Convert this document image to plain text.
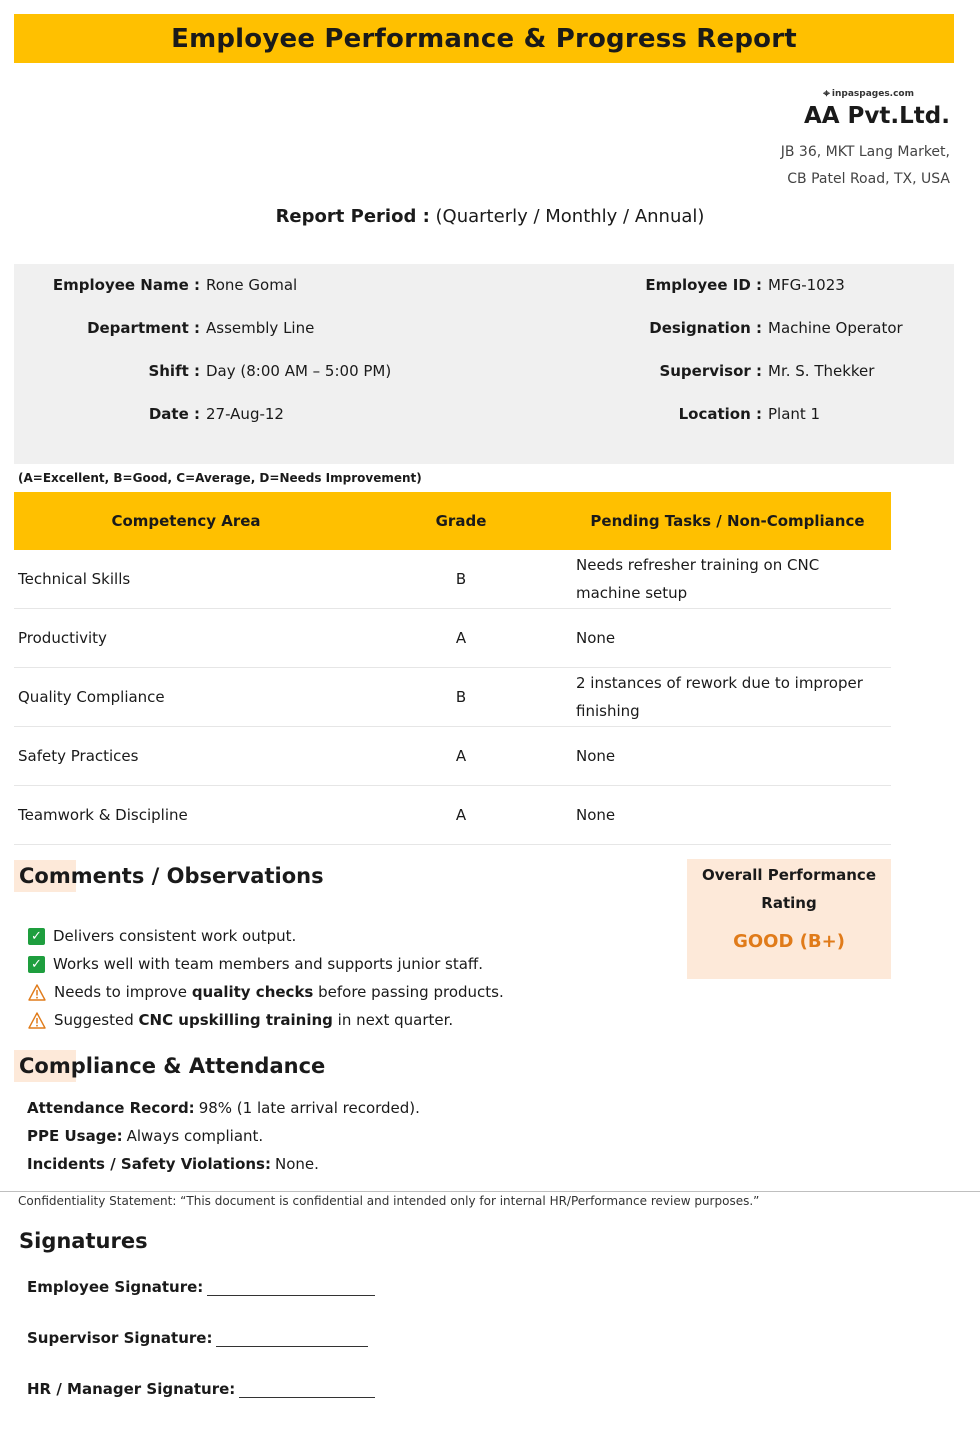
Employee Performance & Progress Report
⌖ inpaspages.com
AA Pvt.Ltd.
JB 36, MKT Lang Market,
CB Patel Road, TX, USA
Report Period : (Quarterly / Monthly / Annual)
Employee Name : Rone Gomal
Department : Assembly Line
Shift : Day (8:00 AM – 5:00 PM)
Date : 27-Aug-12
Employee ID : MFG-1023
Designation : Machine Operator
Supervisor : Mr. S. Thekker
Location : Plant 1
(A=Excellent, B=Good, C=Average, D=Needs Improvement)
Competency Area	Grade	Pending Tasks / Non-Compliance
Technical Skills	B	Needs refresher training on CNC machine setup
Productivity	A	None
Quality Compliance	B	2 instances of rework due to improper finishing
Safety Practices	A	None
Teamwork & Discipline	A	None
Comments / Observations	Overall Performance Rating
GOOD (B+)
✓ Delivers consistent work output.
✓ Works well with team members and supports junior staff.
Needs to improve quality checks before passing products.
Suggested CNC upskilling training in next quarter.
Compliance & Attendance
Attendance Record: 98% (1 late arrival recorded).
PPE Usage: Always compliant.
Incidents / Safety Violations: None.
Confidentiality Statement: “This document is confidential and intended only for internal HR/Performance review purposes.”
Signatures
Employee Signature:
Supervisor Signature:
HR / Manager Signature:
